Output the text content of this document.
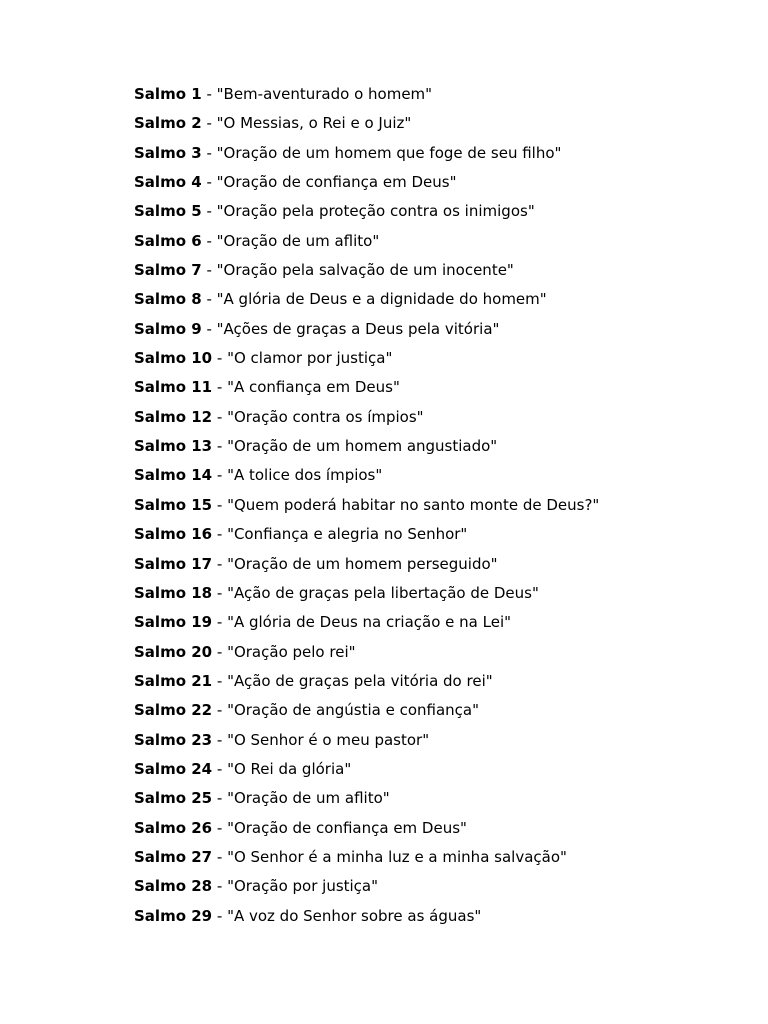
Salmo 1 - "Bem-aventurado o homem"
Salmo 2 - "O Messias, o Rei e o Juiz"
Salmo 3 - "Oração de um homem que foge de seu filho"
Salmo 4 - "Oração de confiança em Deus"
Salmo 5 - "Oração pela proteção contra os inimigos"
Salmo 6 - "Oração de um aflito"
Salmo 7 - "Oração pela salvação de um inocente"
Salmo 8 - "A glória de Deus e a dignidade do homem"
Salmo 9 - "Ações de graças a Deus pela vitória"
Salmo 10 - "O clamor por justiça"
Salmo 11 - "A confiança em Deus"
Salmo 12 - "Oração contra os ímpios"
Salmo 13 - "Oração de um homem angustiado"
Salmo 14 - "A tolice dos ímpios"
Salmo 15 - "Quem poderá habitar no santo monte de Deus?"
Salmo 16 - "Confiança e alegria no Senhor"
Salmo 17 - "Oração de um homem perseguido"
Salmo 18 - "Ação de graças pela libertação de Deus"
Salmo 19 - "A glória de Deus na criação e na Lei"
Salmo 20 - "Oração pelo rei"
Salmo 21 - "Ação de graças pela vitória do rei"
Salmo 22 - "Oração de angústia e confiança"
Salmo 23 - "O Senhor é o meu pastor"
Salmo 24 - "O Rei da glória"
Salmo 25 - "Oração de um aflito"
Salmo 26 - "Oração de confiança em Deus"
Salmo 27 - "O Senhor é a minha luz e a minha salvação"
Salmo 28 - "Oração por justiça"
Salmo 29 - "A voz do Senhor sobre as águas"
